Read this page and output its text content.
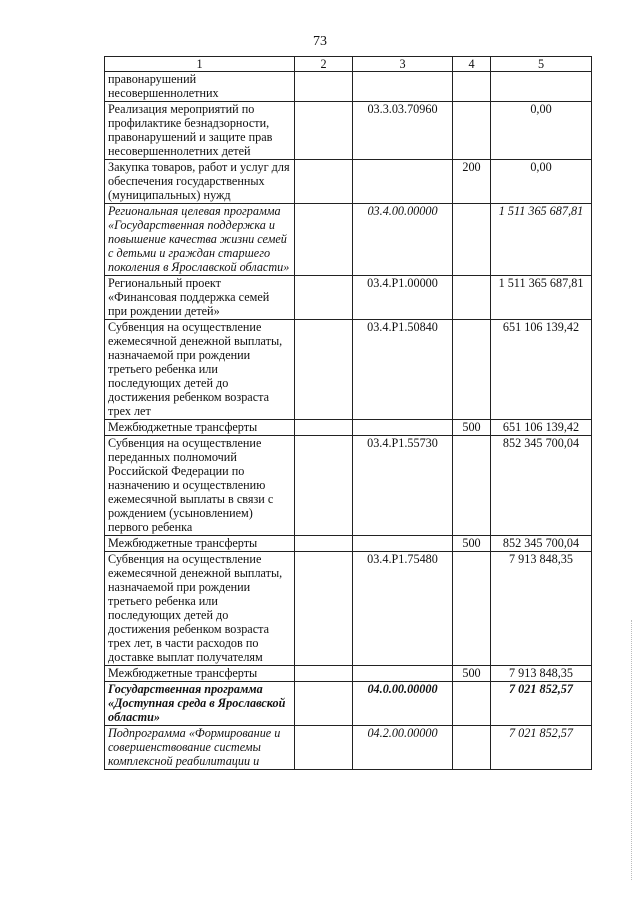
73
1	2	3	4	5
правонарушений несовершеннолетних				
Реализация мероприятий по профилактике безнадзорности, правонарушений и защите прав несовершеннолетних детей		03.3.03.70960		0,00
Закупка товаров, работ и услуг для обеспечения государственных (муниципальных) нужд			200	0,00
Региональная целевая программа «Государственная поддержка и повышение качества жизни семей с детьми и граждан старшего поколения в Ярославской области»		03.4.00.00000		1 511 365 687,81
Региональный проект «Финансовая поддержка семей при рождении детей»		03.4.P1.00000		1 511 365 687,81
Субвенция на осуществление ежемесячной денежной выплаты, назначаемой при рождении третьего ребенка или последующих детей до достижения ребенком возраста трех лет		03.4.P1.50840		651 106 139,42
Межбюджетные трансферты			500	651 106 139,42
Субвенция на осуществление переданных полномочий Российской Федерации по назначению и осуществлению ежемесячной выплаты в связи с рождением (усыновлением) первого ребенка		03.4.P1.55730		852 345 700,04
Межбюджетные трансферты			500	852 345 700,04
Субвенция на осуществление ежемесячной денежной выплаты, назначаемой при рождении третьего ребенка или последующих детей до достижения ребенком возраста трех лет, в части расходов по доставке выплат получателям		03.4.P1.75480		7 913 848,35
Межбюджетные трансферты			500	7 913 848,35
Государственная программа «Доступная среда в Ярославской области»		04.0.00.00000		7 021 852,57
Подпрограмма «Формирование и совершенствование системы комплексной реабилитации и		04.2.00.00000		7 021 852,57
